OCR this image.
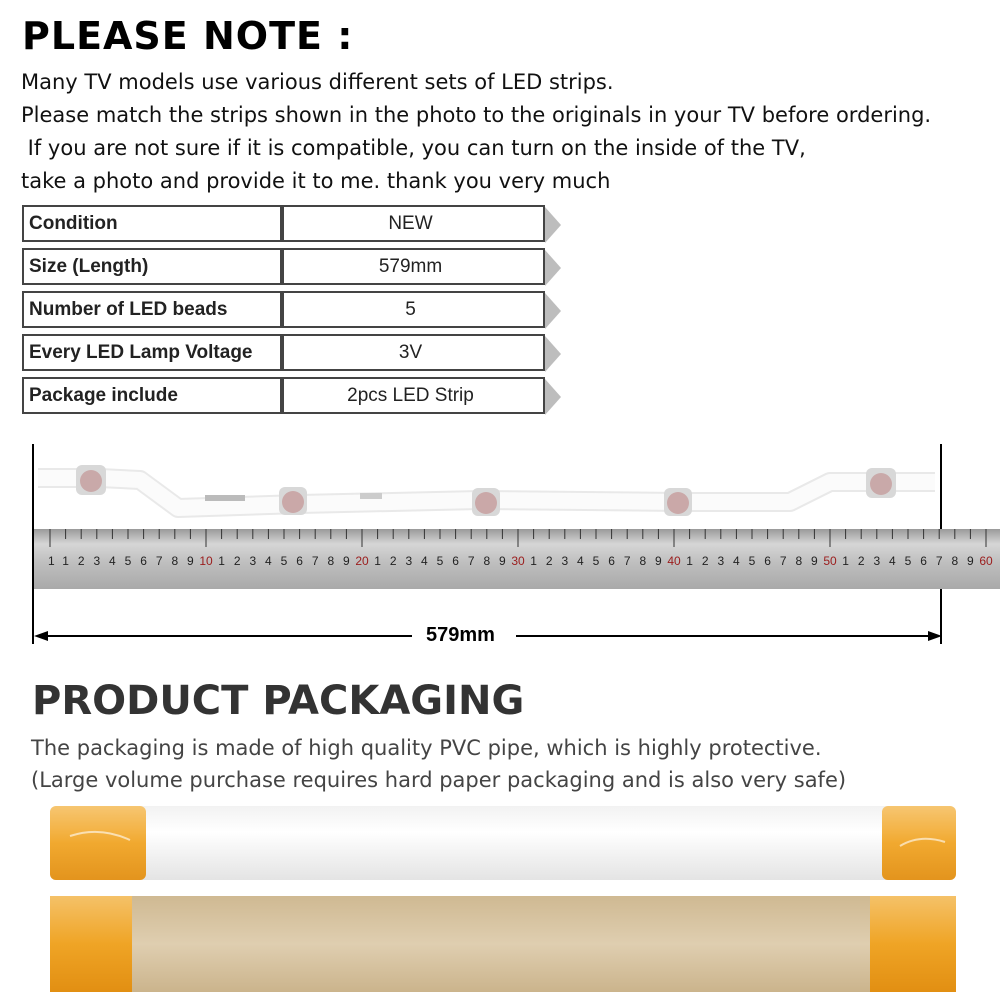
PLEASE NOTE :
Many TV models use various different sets of LED strips.
Please match the strips shown in the photo to the originals in your TV before ordering.
If you are not sure if it is compatible, you can turn on the inside of the TV,
take a photo and provide it to me. thank you very much
Condition	NEW
Size (Length)	579mm
Number of LED beads	5
Every LED Lamp Voltage	3V
Package include	2pcs LED Strip
1 2 3 4 5 6 7 8 9 10 1 2 3 4 5 6 7 8 9 20 1 2 3 4 5 6 7 8 9 30 1 2 3 4 5 6 7 8 9 40 1 2 3 4 5 6 7 8 9 50 1 2 3 4 5 6 7 8 9 60
1
579mm
PRODUCT PACKAGING
The packaging is made of high quality PVC pipe, which is highly protective.
(Large volume purchase requires hard paper packaging and is also very safe)
